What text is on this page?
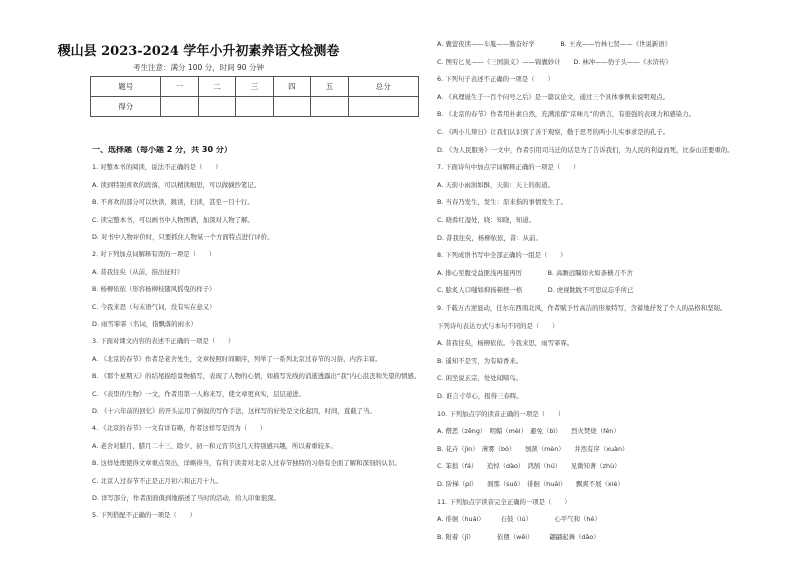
稷山县 2023-2024 学年小升初素养语文检测卷
考生注意：满分 100 分，时间 90 分钟
题号	一	二	三	四	五	总分
得分						
一、选择题（每小题 2 分，共 30 分）
1. 对整本书的阅读，说法不正确的是（　　）
A. 读到特别喜欢的段落，可以精读细思，可以做摘抄笔记。
B. 不喜欢的部分可以快读，跳读，扫读，甚至一目十行。
C. 读完整本书，可以画书中人物图谱，加深对人物了解。
D. 对书中人物评价时，只要抓住人物某一个方面特点进行评价。
2. 对下列加点词解释有误的一项是（　　）
A. 昔我往矣（从前，指出征时）
B. 杨柳依依（形容杨柳枝随风摇曳的样子）
C. 今我来思（句末语气词，没有实在意义）
D. 雨雪霏霏（名词，指飘落的雨水）
3. 下面对课文内容的表述不正确的一项是（　　）
A. 《北京的春节》作者是老舍先生，文章按照时间顺序，列举了一系列北京过春节的习俗，内容丰富。
B. 《那个星期天》的结尾描绘景物描写，表现了人物的心情，如描写光线的消逝透露出“我”内心沮丧和失望的情感。
C. 《表里的生物》一文，作者用第一人称来写，使文章更真实，层层递进。
D. 《十六年前的回忆》的开头运用了倒叙的写作手法，这样写的好处是文化起因，时间，直截了当。
4. 《北京的春节》一文有详有略，作者这样写是因为（　　）
A. 老舍对腊月、腊月二十三、除夕、初一和元宵节这几天特别感兴趣，所以着重较多。
B. 这样处理使得文章重点突出，详略得当，有利于读者对北京人过春节独特的习俗有全面了解和深刻的认识。
C. 北京人过春节不正是正月初六和正月十九。
D. 详写部分，作者面面俱到地描述了当时的活动，给人印象很深。
5. 下列搭配不正确的一项是（　　）
A. 囊萤夜读——车胤——勤奋好学　　　　B. 王戎——竹林七贤——《世说新语》
C. 图穷匕见——《三国演义》——锦囊妙计　　D. 林冲——豹子头——《水浒传》
6. 下列句子表述不正确的一项是（　　）
A. 《真理诞生于一百个问号之后》是一篇议论文，通过三个具体事例来说明观点。
B. 《北京的春节》作者用朴素自然，充满浓郁“京味儿”的语言，有很强的表现力和感染力。
C. 《两小儿辩日》让我们认识到了善于观察，勤于思考的两小儿实事求是的孔子。
D. 《为人民服务》一文中，作者引用司马迁的话是为了告诉我们，为人民的利益而死，比泰山还要重的。
7. 下面诗句中加点字词解释正确的一项是（　　）
A. 天街小雨润如酥，天街：天上的街道。
B. 当春乃发生，发生：原来指的事情发生了。
C. 晓看红湿处，晓：知晓，知道。
D. 昔我往矣，杨柳依依，昔：从前。
8. 下列成语书写中全部正确的一组是（　　）
A. 排心至腹受益匪浅再接再厉　　　　B. 高瞻远瞩如火如荼横刀不舍
C. 脍炙人口嗤如抑扬顿挫一格　　　　D. 虎视眈眈不可思议忘乎所已
9. 千载万古逆显动，任尔东西南北风，作者赋予竹高洁的形象特写，含蓄地抒发了个人的品格和坚韧。
下列诗句表达方式与本句不同的是（　　）
A. 昔我往矣，杨柳依依。今我来思，雨雪霏霏。
B. 遥知不是雪，为有暗香来。
C. 闲坐说玄宗，处处闻啼鸟。
D. 谁言寸草心，报得三春晖。
10. 下列加点字的读音正确的一项是（　　）
A. 僧恶（zēng）　明媚（mèi）　避免（bì）　　烈火焚烧（fén）
B. 花卉（jìn）　薄雾（bó）　　刎颈（mèn）　　井然有序（xuàn）
C. 笨拙（fá）　　追悼（dào）　鸿鹄（hú）　　见微知著（zhù）
D. 阶梯（pí）　　刹那（suǒ）　徘徊（huái）　　飘爽不展（xié）
11. 下列加点字读音完全正确的一项是（　　）
A. 徘徊（huái）　　　石鼓（lú）　　　　心平气和（hé）
B. 附着（jī）　　　　依偎（wēi）　　　翩翩起舞（dǎo）
